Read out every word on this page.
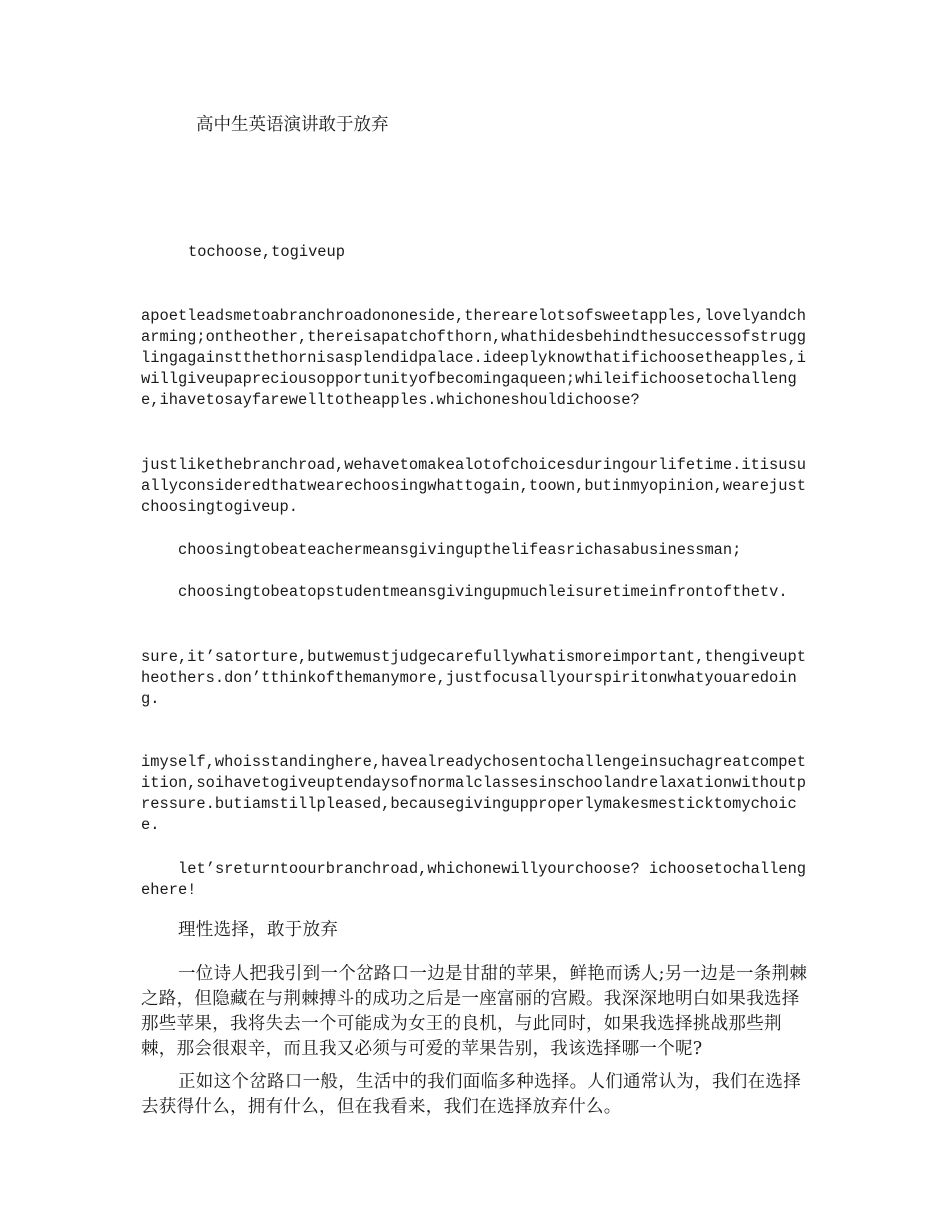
高中生英语演讲敢于放弃
tochoose,togiveup

apoetleadsmetoabranchroadononeside,therearelotsofsweetapples,lovelyandcharming;ontheother,thereisapatchofthorn,whathidesbehindthesuccessofstrugglingagainstthethornisasplendidpalace.ideeplyknowthatifichoosetheapples,iwillgiveupapreciousopportunityofbecomingaqueen;whileifichoosetochallenge,ihavetosayfarewelltotheapples.whichoneshouldichoose?

justlikethebranchroad,wehavetomakealotofchoicesduringourlifetime.itisusuallyconsideredthatwearechoosingwhattogain,toown,butinmyopinion,wearejustchoosingtogiveup.

choosingtobeateachermeansgivingupthelifeasrichasabusinessman;

choosingtobeatopstudentmeansgivingupmuchleisuretimeinfrontofthetv.

sure,it’satorture,butwemustjudgecarefullywhatismoreimportant,thengiveuptheothers.don’tthinkofthemanymore,justfocusallyourspiritonwhatyouaredoing.

imyself,whoisstandinghere,havealreadychosentochallengeinsuchagreatcompetition,soihavetogiveuptendaysofnormalclassesinschoolandrelaxationwithoutpressure.butiamstillpleased,becausegivingupproperlymakesmesticktomychoice.

let’sreturntoourbranchroad,whichonewillyourchoose? ichoosetochallengehere!

理性选择，敢于放弃

一位诗人把我引到一个岔路口一边是甘甜的苹果，鲜艳而诱人;另一边是一条荆棘之路，但隐藏在与荆棘搏斗的成功之后是一座富丽的宫殿。我深深地明白如果我选择那些苹果，我将失去一个可能成为女王的良机，与此同时，如果我选择挑战那些荆棘，那会很艰辛，而且我又必须与可爱的苹果告别，我该选择哪一个呢?

正如这个岔路口一般，生活中的我们面临多种选择。人们通常认为，我们在选择去获得什么，拥有什么，但在我看来，我们在选择放弃什么。
